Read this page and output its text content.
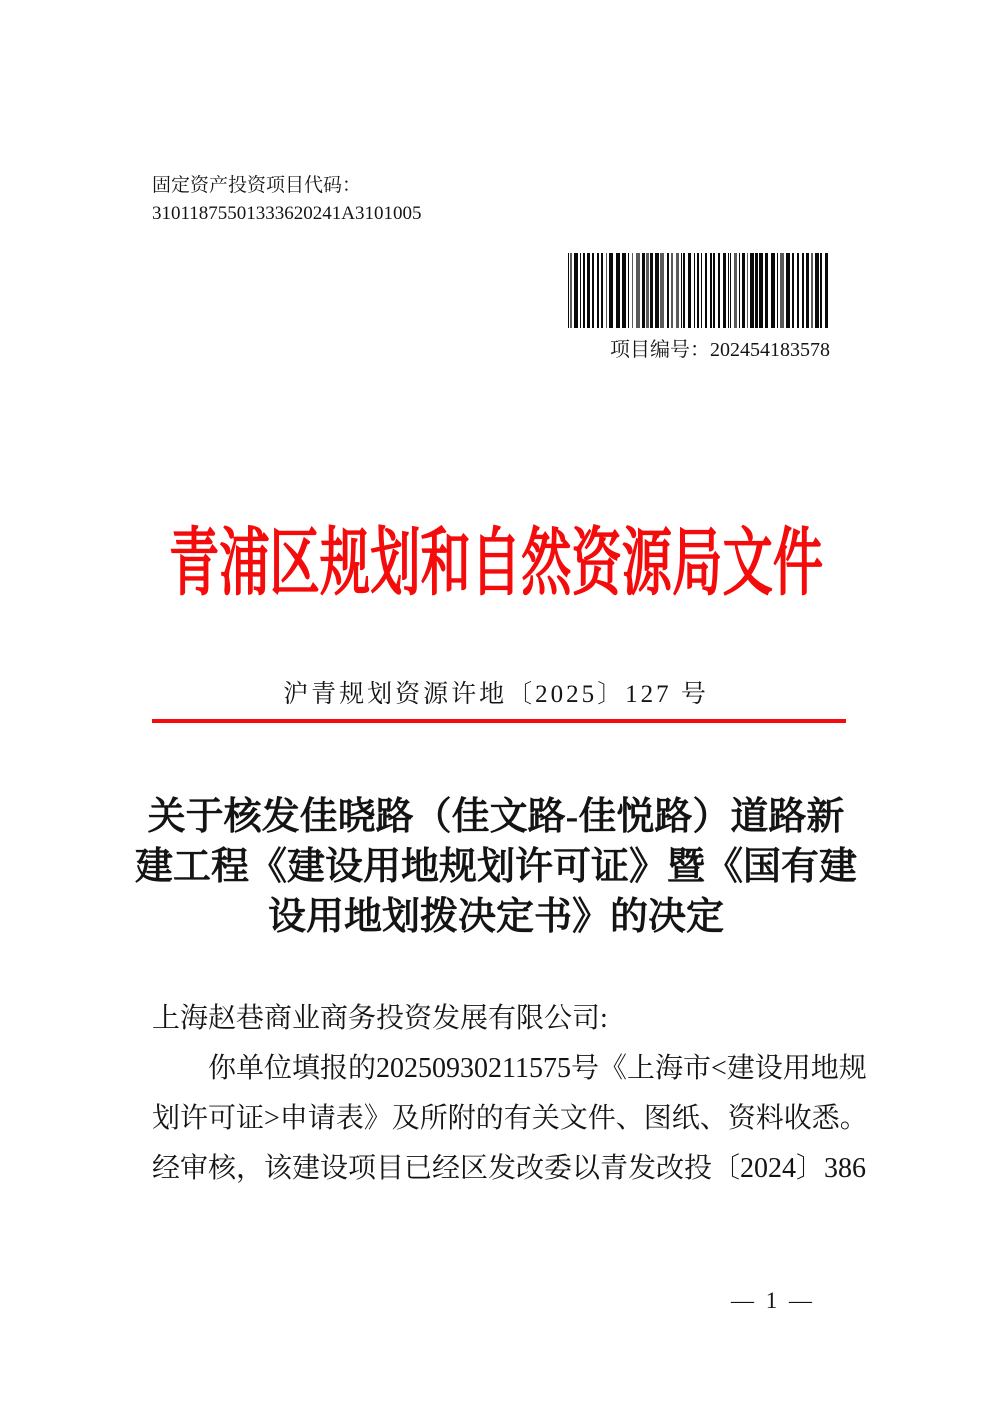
固定资产投资项目代码：
31011875501333620241A3101005
项目编号：202454183578
青浦区规划和自然资源局文件
沪青规划资源许地〔2025〕127 号
关于核发佳晓路（佳文路-佳悦路）道路新
建工程《建设用地规划许可证》暨《国有建
设用地划拨决定书》的决定
上海赵巷商业商务投资发展有限公司:
你单位填报的20250930211575号《上海市<建设用地规
划许可证>申请表》及所附的有关文件、图纸、资料收悉。
经审核，该建设项目已经区发改委以青发改投〔2024〕386
— 1 —
